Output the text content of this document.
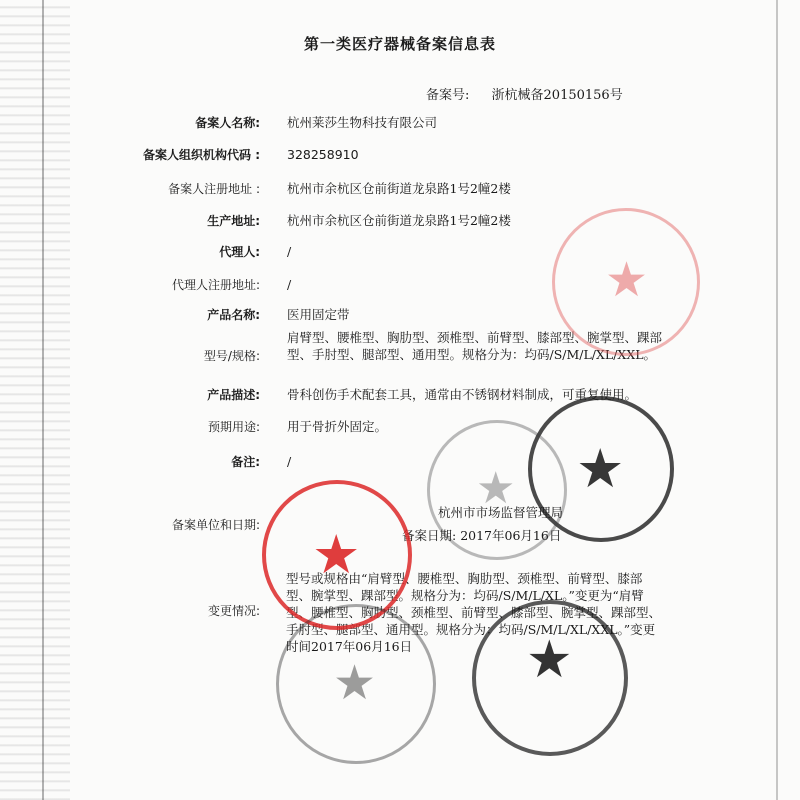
第一类医疗器械备案信息表
备案号: 浙杭械备20150156号
备案人名称: 杭州莱莎生物科技有限公司
备案人组织机构代码 : 328258910
备案人注册地址 : 杭州市余杭区仓前街道龙泉路1号2幢2楼
生产地址: 杭州市余杭区仓前街道龙泉路1号2幢2楼
代理人: /
代理人注册地址: /
产品名称: 医用固定带
型号/规格:
肩臂型、腰椎型、胸肋型、颈椎型、前臂型、膝部型、腕掌型、踝部型、手肘型、腿部型、通用型。规格分为：均码/S/M/L/XL/XXL。
产品描述: 骨科创伤手术配套工具，通常由不锈钢材料制成，可重复使用。
预期用途: 用于骨折外固定。
备注: /
备案单位和日期:
杭州市市场监督管理局
备案日期: 2017年06月16日
变更情况:
型号或规格由“肩臂型、腰椎型、胸肋型、颈椎型、前臂型、膝部型、腕掌型、踝部型。规格分为：均码/S/M/L/XL。”变更为“肩臂型、腰椎型、胸肋型、颈椎型、前臂型、膝部型、腕掌型、踝部型、手肘型、腿部型、通用型。规格分为：均码/S/M/L/XL/XXL。”变更时间2017年06月16日
★
★
★
★
★	★
